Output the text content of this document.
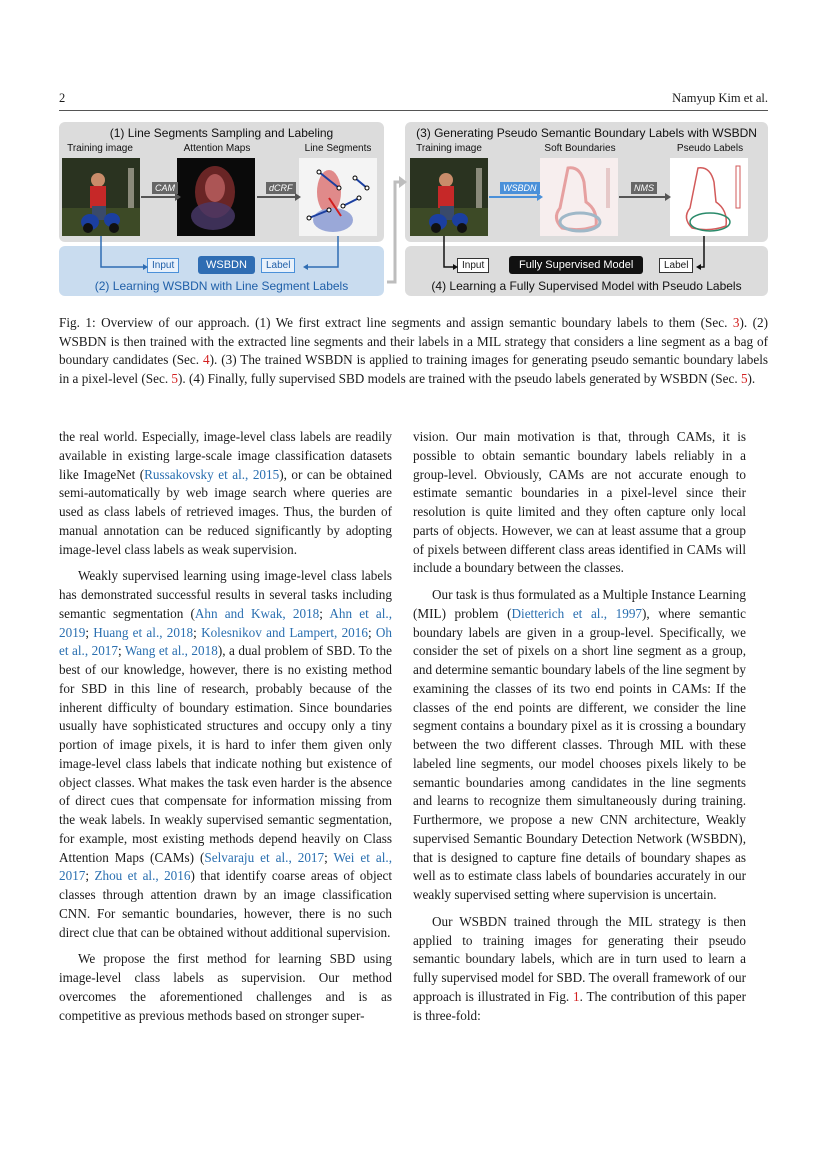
2	Namyup Kim et al.
(1) Line Segments Sampling and Labeling
Training image	Attention Maps	Line Segments
CAM	dCRF
Input	WSBDN	Label
(2) Learning WSBDN with Line Segment Labels
(3) Generating Pseudo Semantic Boundary Labels with WSBDN
Training image	Soft Boundaries	Pseudo Labels
WSBDN	NMS
Input	Fully Supervised Model	Label
(4) Learning a Fully Supervised Model with Pseudo Labels
Fig. 1: Overview of our approach. (1) We first extract line segments and assign semantic boundary labels to them (Sec. 3). (2) WSBDN is then trained with the extracted line segments and their labels in a MIL strategy that considers a line segment as a bag of boundary candidates (Sec. 4). (3) The trained WSBDN is applied to training images for generating pseudo semantic boundary labels in a pixel-level (Sec. 5). (4) Finally, fully supervised SBD models are trained with the pseudo labels generated by WSBDN (Sec. 5).

the real world. Especially, image-level class labels are readily available in existing large-scale image classification datasets like ImageNet (Russakovsky et al., 2015), or can be obtained semi-automatically by web image search where queries are used as class labels of retrieved images. Thus, the burden of manual annotation can be reduced significantly by adopting image-level class labels as weak supervision.

Weakly supervised learning using image-level class labels has demonstrated successful results in several tasks including semantic segmentation (Ahn and Kwak, 2018; Ahn et al., 2019; Huang et al., 2018; Kolesnikov and Lampert, 2016; Oh et al., 2017; Wang et al., 2018), a dual problem of SBD. To the best of our knowledge, however, there is no existing method for SBD in this line of research, probably because of the inherent difficulty of boundary estimation. Since boundaries usually have sophisticated structures and occupy only a tiny portion of image pixels, it is hard to infer them given only image-level class labels that indicate nothing but existence of object classes. What makes the task even harder is the absence of direct cues that compensate for information missing from the weak labels. In weakly supervised semantic segmentation, for example, most existing methods depend heavily on Class Attention Maps (CAMs) (Selvaraju et al., 2017; Wei et al., 2017; Zhou et al., 2016) that identify coarse areas of object classes through attention drawn by an image classification CNN. For semantic boundaries, however, there is no such direct clue that can be obtained without additional supervision.

We propose the first method for learning SBD using image-level class labels as supervision. Our method overcomes the aforementioned challenges and is as competitive as previous methods based on stronger super-

vision. Our main motivation is that, through CAMs, it is possible to obtain semantic boundary labels reliably in a group-level. Obviously, CAMs are not accurate enough to estimate semantic boundaries in a pixel-level since their resolution is quite limited and they often capture only local parts of objects. However, we can at least assume that a group of pixels between different class areas identified in CAMs will include a boundary between the classes.

Our task is thus formulated as a Multiple Instance Learning (MIL) problem (Dietterich et al., 1997), where semantic boundary labels are given in a group-level. Specifically, we consider the set of pixels on a short line segment as a group, and determine semantic boundary labels of the line segment by examining the classes of its two end points in CAMs: If the classes of the end points are different, we consider the line segment contains a boundary pixel as it is crossing a boundary between the two different classes. Through MIL with these labeled line segments, our model chooses pixels likely to be semantic boundaries among candidates in the line segments and learns to recognize them simultaneously during training. Furthermore, we propose a new CNN architecture, Weakly supervised Semantic Boundary Detection Network (WSBDN), that is designed to capture fine details of boundary shapes as well as to estimate class labels of boundaries accurately in our weakly supervised setting where supervision is uncertain.

Our WSBDN trained through the MIL strategy is then applied to training images for generating their pseudo semantic boundary labels, which are in turn used to learn a fully supervised model for SBD. The overall framework of our approach is illustrated in Fig. 1. The contribution of this paper is three-fold:
